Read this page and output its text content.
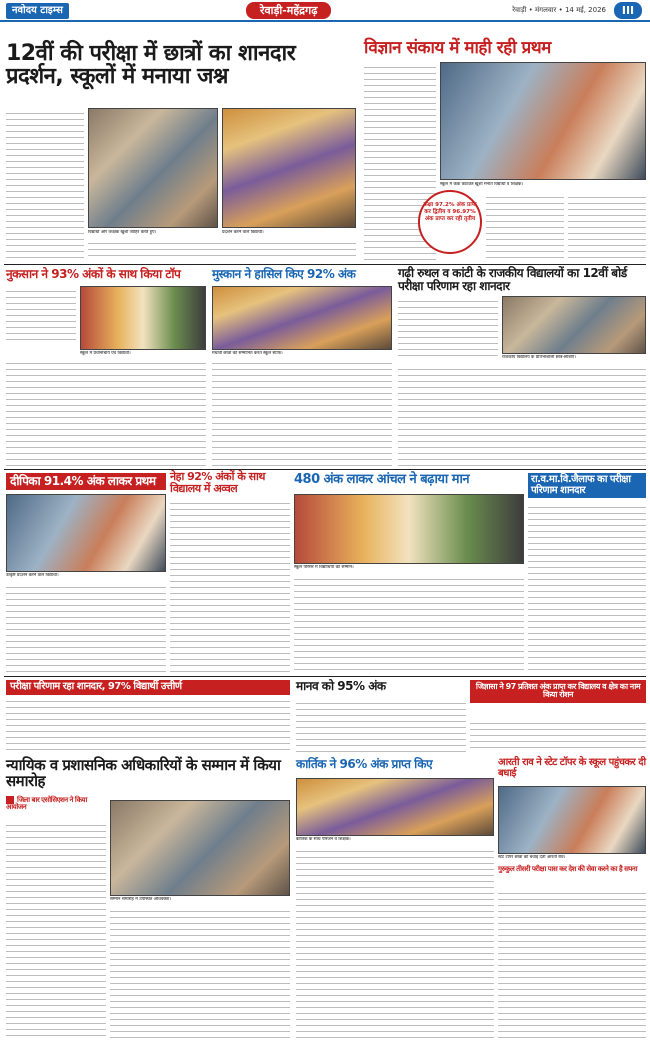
नवोदय टाइम्स	रेवाड़ी-महेंद्रगढ़	रेवाड़ी • मंगलवार • 14 मई, 2026	III
12वीं की परीक्षा में छात्रों का शानदार प्रदर्शन, स्कूलों में मनाया जश्न
विद्यार्थी और शिक्षक खुशी जाहिर करते हुए।	प्रदर्शन करने वाले विद्यार्थी।
विज्ञान संकाय में माही रही प्रथम
स्कूल में केक काटकर खुशी मनाते विद्यार्थी व शिक्षक।
कक्षा 97.2% अंक प्राप्त कर द्वितीय व 96.97% अंक प्राप्त कर रही तृतीय
नुकसान ने 93% अंकों के साथ किया टॉप
स्कूल में प्रधानाचार्य एवं विद्यार्थी।
मुस्कान ने हासिल किए 92% अंक
मेधावी छात्रों को सम्मानित करते स्कूल स्टाफ।
गढ़ी रुथल व कांटी के राजकीय विद्यालयों का 12वीं बोर्ड परीक्षा परिणाम रहा शानदार
राजकीय विद्यालय के प्रतिभाशाली छात्र-छात्राएं।
दीपिका 91.4% अंक लाकर प्रथम
उत्कृष्ट प्रदर्शन करने वाले विद्यार्थी।
नेहा 92% अंकों के साथ विद्यालय में अव्वल
480 अंक लाकर आंचल ने बढ़ाया मान
स्कूल परिसर में विद्यार्थियों का सम्मान।
रा.व.मा.वि.जैलाफ का परीक्षा परिणाम शानदार
परीक्षा परिणाम रहा शानदार, 97% विद्यार्थी उत्तीर्ण	मानव को 95% अंक	जिज्ञासा ने 97 प्रतिशत अंक प्राप्त कर विद्यालय व क्षेत्र का नाम किया रोशन
न्यायिक व प्रशासनिक अधिकारियों के सम्मान में किया समारोह
जिला बार एसोसिएशन ने किया आयोजन
सम्मान समारोह में उपस्थित अधिवक्ता।
कार्तिक ने 96% अंक प्राप्त किए
कार्तिक के साथ परिजन व शिक्षक।
आरती राव ने स्टेट टॉपर के स्कूल पहुंचकर दी बधाई
स्टेट टॉपर छात्रा को बधाई देती आरती राव।
गुरुकुल तीसरी परीक्षा पास कर देश की सेवा करने का है सपना
